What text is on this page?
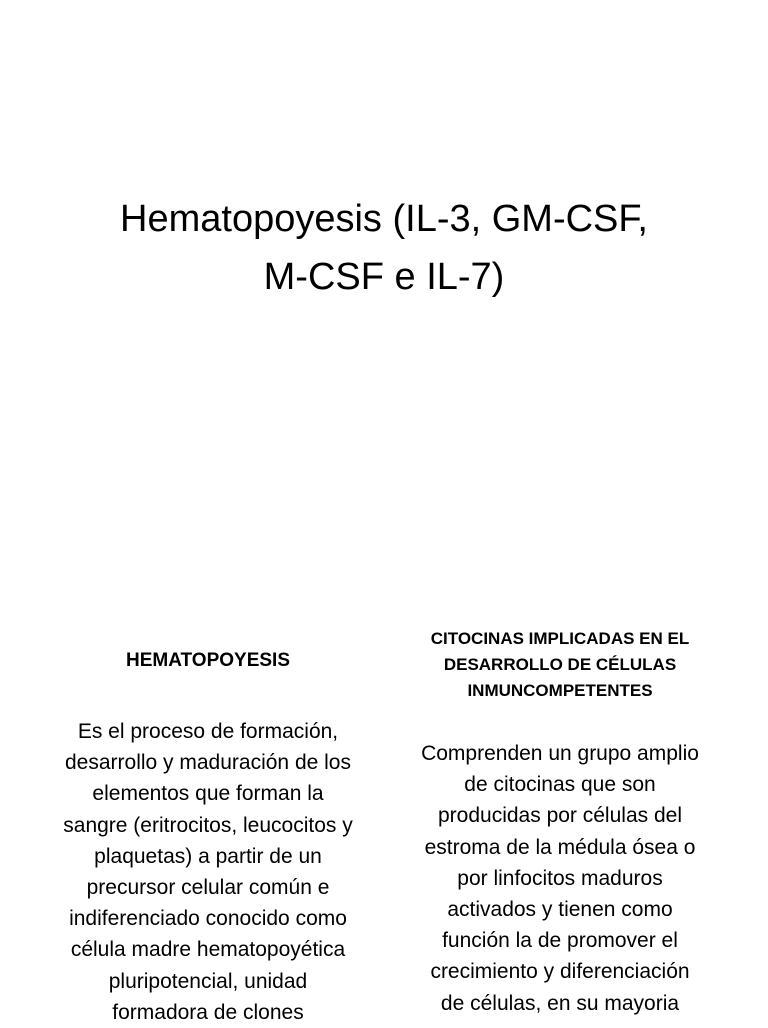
Hematopoyesis (IL-3, GM-CSF,
M-CSF e IL-7)
HEMATOPOYESIS

Es el proceso de formación,
desarrollo y maduración de los
elementos que forman la
sangre (eritrocitos, leucocitos y
plaquetas) a partir de un
precursor celular común e
indiferenciado conocido como
célula madre hematopoyética
pluripotencial, unidad
formadora de clones

CITOCINAS IMPLICADAS EN EL
DESARROLLO DE CÉLULAS
INMUNCOMPETENTES

Comprenden un grupo amplio
de citocinas que son
producidas por células del
estroma de la médula ósea o
por linfocitos maduros
activados y tienen como
función la de promover el
crecimiento y diferenciación
de células, en su mayoria
